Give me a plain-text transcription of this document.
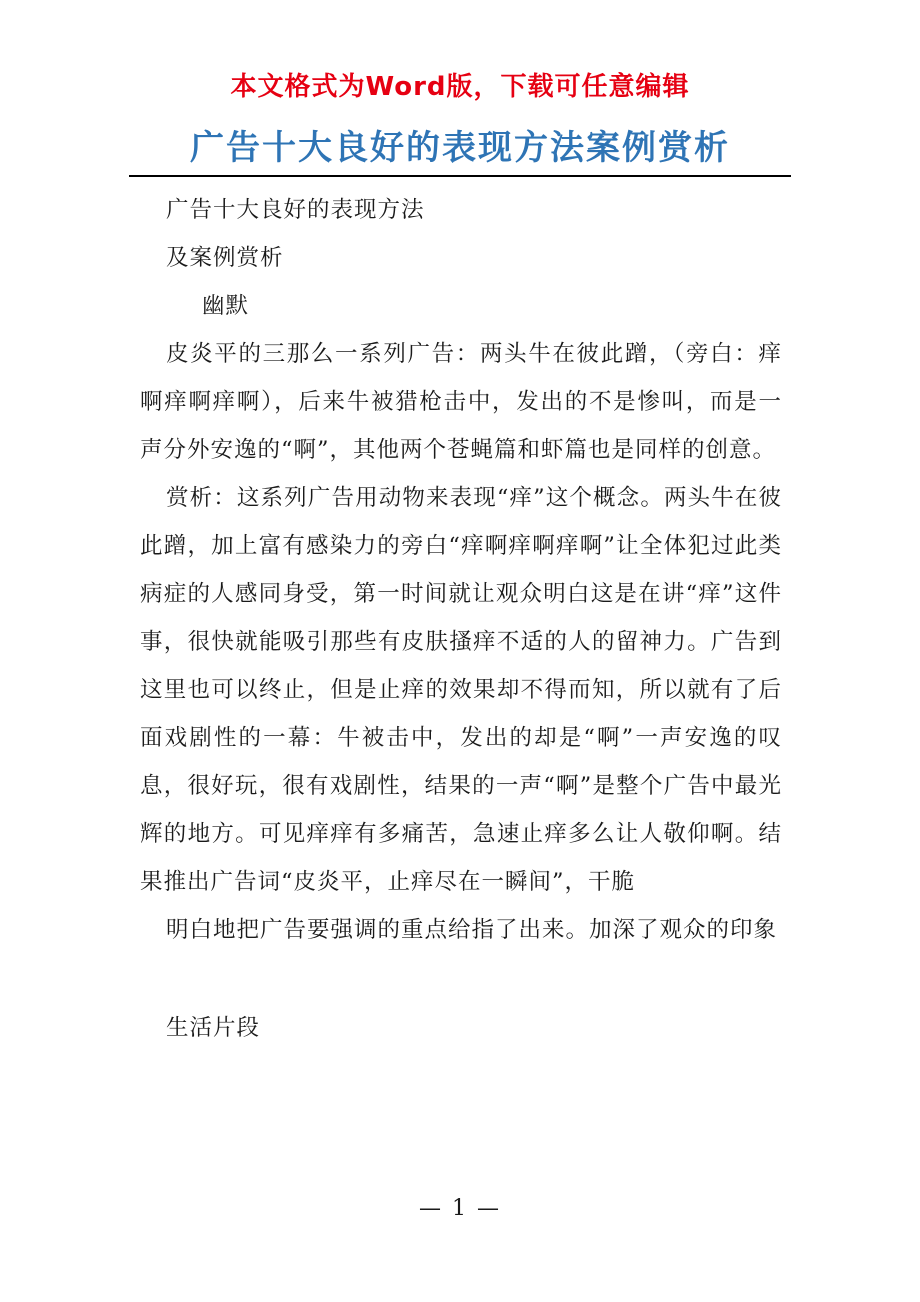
本文格式为Word版，下载可任意编辑
广告十大良好的表现方法案例赏析

广告十大良好的表现方法

及案例赏析

幽默

皮炎平的三那么一系列广告：两头牛在彼此蹭，（旁白：痒啊痒啊痒啊），后来牛被猎枪击中，发出的不是惨叫，而是一声分外安逸的“啊”，其他两个苍蝇篇和虾篇也是同样的创意。

赏析：这系列广告用动物来表现“痒”这个概念。两头牛在彼此蹭，加上富有感染力的旁白“痒啊痒啊痒啊”让全体犯过此类病症的人感同身受，第一时间就让观众明白这是在讲“痒”这件事，很快就能吸引那些有皮肤搔痒不适的人的留神力。广告到这里也可以终止，但是止痒的效果却不得而知，所以就有了后面戏剧性的一幕：牛被击中，发出的却是“啊”一声安逸的叹息，很好玩，很有戏剧性，结果的一声“啊”是整个广告中最光辉的地方。可见痒痒有多痛苦，急速止痒多么让人敬仰啊。结果推出广告词“皮炎平，止痒尽在一瞬间”，干脆

明白地把广告要强调的重点给指了出来。加深了观众的印象

生活片段

— 1 —
